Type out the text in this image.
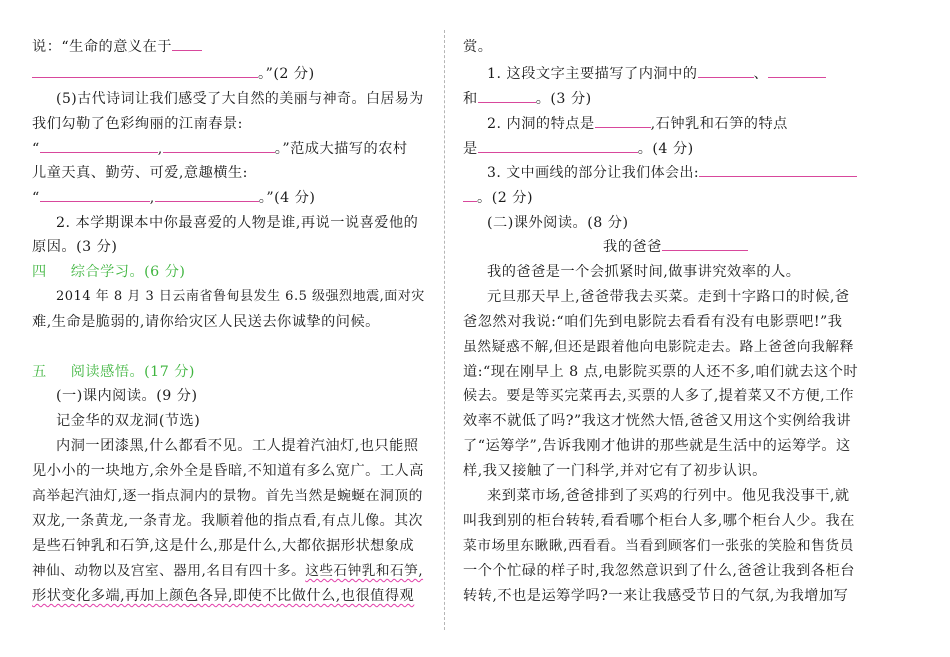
说：“生命的意义在于
。”(2 分)
(5)古代诗词让我们感受了大自然的美丽与神奇。白居易为
我们勾勒了色彩绚丽的江南春景:
“	,	。”范成大描写的农村
儿童天真、勤劳、可爱,意趣横生:
“	,	。”(4 分)
2. 本学期课本中你最喜爱的人物是谁,再说一说喜爱他的
原因。(3 分)
四 综合学习。(6 分)
2014 年 8 月 3 日云南省鲁甸县发生 6.5 级强烈地震,面对灾
难,生命是脆弱的,请你给灾区人民送去你诚挚的问候。
五 阅读感悟。(17 分)
(一)课内阅读。(9 分)
记金华的双龙洞(节选)
内洞一团漆黑,什么都看不见。工人提着汽油灯,也只能照
见小小的一块地方,余外全是昏暗,不知道有多么宽广。工人高
高举起汽油灯,逐一指点洞内的景物。首先当然是蜿蜒在洞顶的
双龙,一条黄龙,一条青龙。我顺着他的指点看,有点儿像。其次
是些石钟乳和石笋,这是什么,那是什么,大都依据形状想象成
神仙、动物以及宫室、器用,名目有四十多。这些石钟乳和石笋,
形状变化多端,再加上颜色各异,即使不比做什么,也很值得观
赏。
1. 这段文字主要描写了内洞中的	、
和	。(3 分)
2. 内洞的特点是	,石钟乳和石笋的特点
是	。(4 分)
3. 文中画线的部分让我们体会出:
。(2 分)
(二)课外阅读。(8 分)
我的爸爸
我的爸爸是一个会抓紧时间,做事讲究效率的人。
元旦那天早上,爸爸带我去买菜。走到十字路口的时候,爸
爸忽然对我说:“咱们先到电影院去看看有没有电影票吧!”我
虽然疑惑不解,但还是跟着他向电影院走去。路上爸爸向我解释
道:“现在刚早上 8 点,电影院买票的人还不多,咱们就去这个时
候去。要是等买完菜再去,买票的人多了,提着菜又不方便,工作
效率不就低了吗?”我这才恍然大悟,爸爸又用这个实例给我讲
了“运筹学”,告诉我刚才他讲的那些就是生活中的运筹学。这
样,我又接触了一门科学,并对它有了初步认识。
来到菜市场,爸爸排到了买鸡的行列中。他见我没事干,就
叫我到别的柜台转转,看看哪个柜台人多,哪个柜台人少。我在
菜市场里东瞅瞅,西看看。当看到顾客们一张张的笑脸和售货员
一个个忙碌的样子时,我忽然意识到了什么,爸爸让我到各柜台
转转,不也是运筹学吗?一来让我感受节日的气氛,为我增加写
